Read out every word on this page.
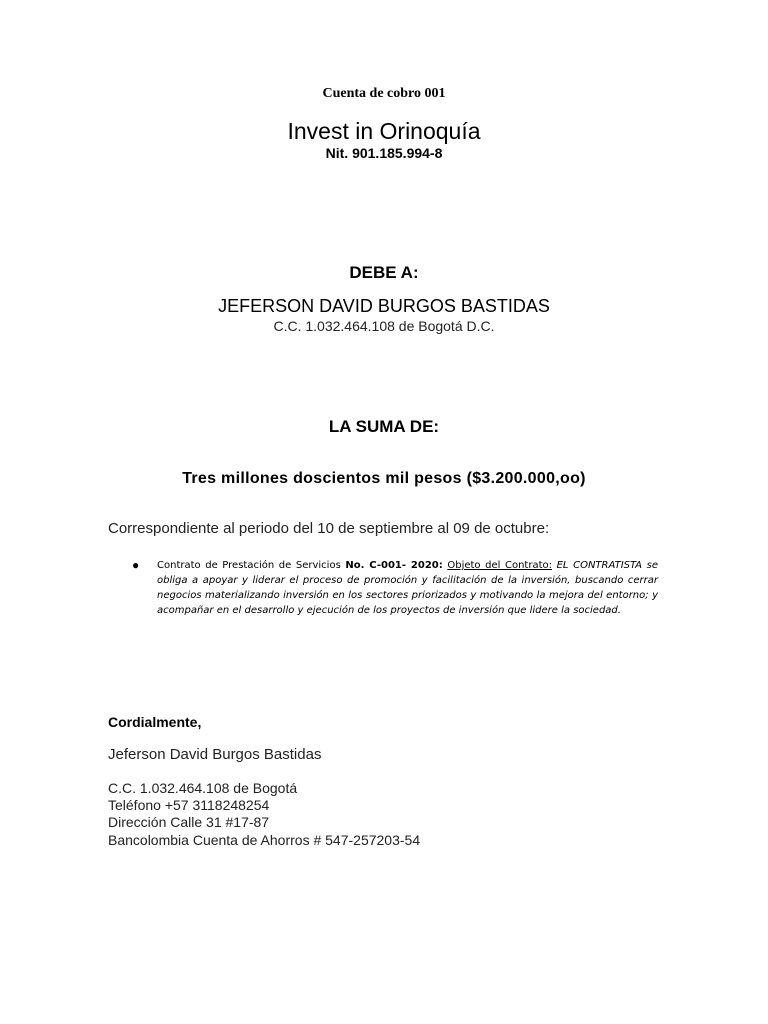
Cuenta de cobro 001
Invest in Orinoquía
Nit. 901.185.994-8
DEBE A:
JEFERSON DAVID BURGOS BASTIDAS
C.C. 1.032.464.108 de Bogotá D.C.
LA SUMA DE:
Tres millones doscientos mil pesos ($3.200.000,oo)
Correspondiente al periodo del 10 de septiembre al 09 de octubre:
● Contrato de Prestación de Servicios No. C-001- 2020: Objeto del Contrato: EL CONTRATISTA se obliga a apoyar y liderar el proceso de promoción y facilitación de la inversión, buscando cerrar negocios materializando inversión en los sectores priorizados y motivando la mejora del entorno; y acompañar en el desarrollo y ejecución de los proyectos de inversión que lidere la sociedad.
Cordialmente,
Jeferson David Burgos Bastidas
C.C. 1.032.464.108 de Bogotá
Teléfono +57 3118248254
Dirección Calle 31 #17-87
Bancolombia Cuenta de Ahorros # 547-257203-54
